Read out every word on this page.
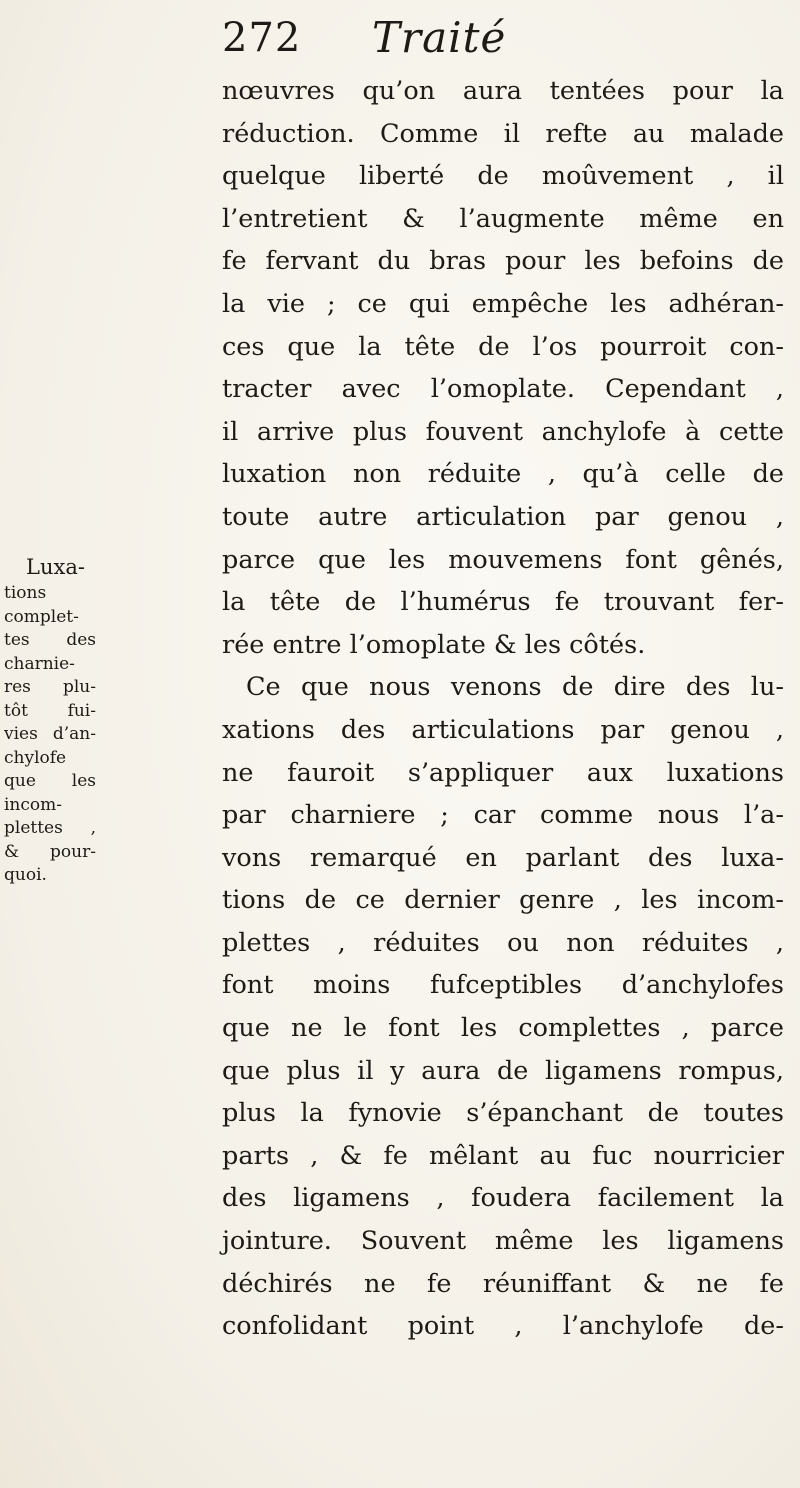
272 Traité
nœuvres qu’on aura tentées pour la
réduction. Comme il refte au malade
quelque liberté de moûvement , il
l’entretient & l’augmente même en
fe fervant du bras pour les befoins de
la vie ; ce qui empêche les adhéran-
ces que la tête de l’os pourroit con-
tracter avec l’omoplate. Cependant ,
il arrive plus fouvent anchylofe à cette
luxation non réduite , qu’à celle de
toute autre articulation par genou ,
parce que les mouvemens font gênés,
la tête de l’humérus fe trouvant fer-
rée entre l’omoplate & les côtés.
Ce que nous venons de dire des lu-
xations des articulations par genou ,
ne fauroit s’appliquer aux luxations
par charniere ; car comme nous l’a-
vons remarqué en parlant des luxa-
tions de ce dernier genre , les incom-
plettes , réduites ou non réduites ,
font moins fufceptibles d’anchylofes
que ne le font les complettes , parce
que plus il y aura de ligamens rompus,
plus la fynovie s’épanchant de toutes
parts , & fe mêlant au fuc nourricier
des ligamens , foudera facilement la
jointure. Souvent même les ligamens
déchirés ne fe réuniffant & ne fe
confolidant point , l’anchylofe de-
Luxa-
tions
complet-
tes des
charnie-
res plu-
tôt fui-
vies d’an-
chylofe
que les
incom-
plettes ,
& pour-
quoi.
